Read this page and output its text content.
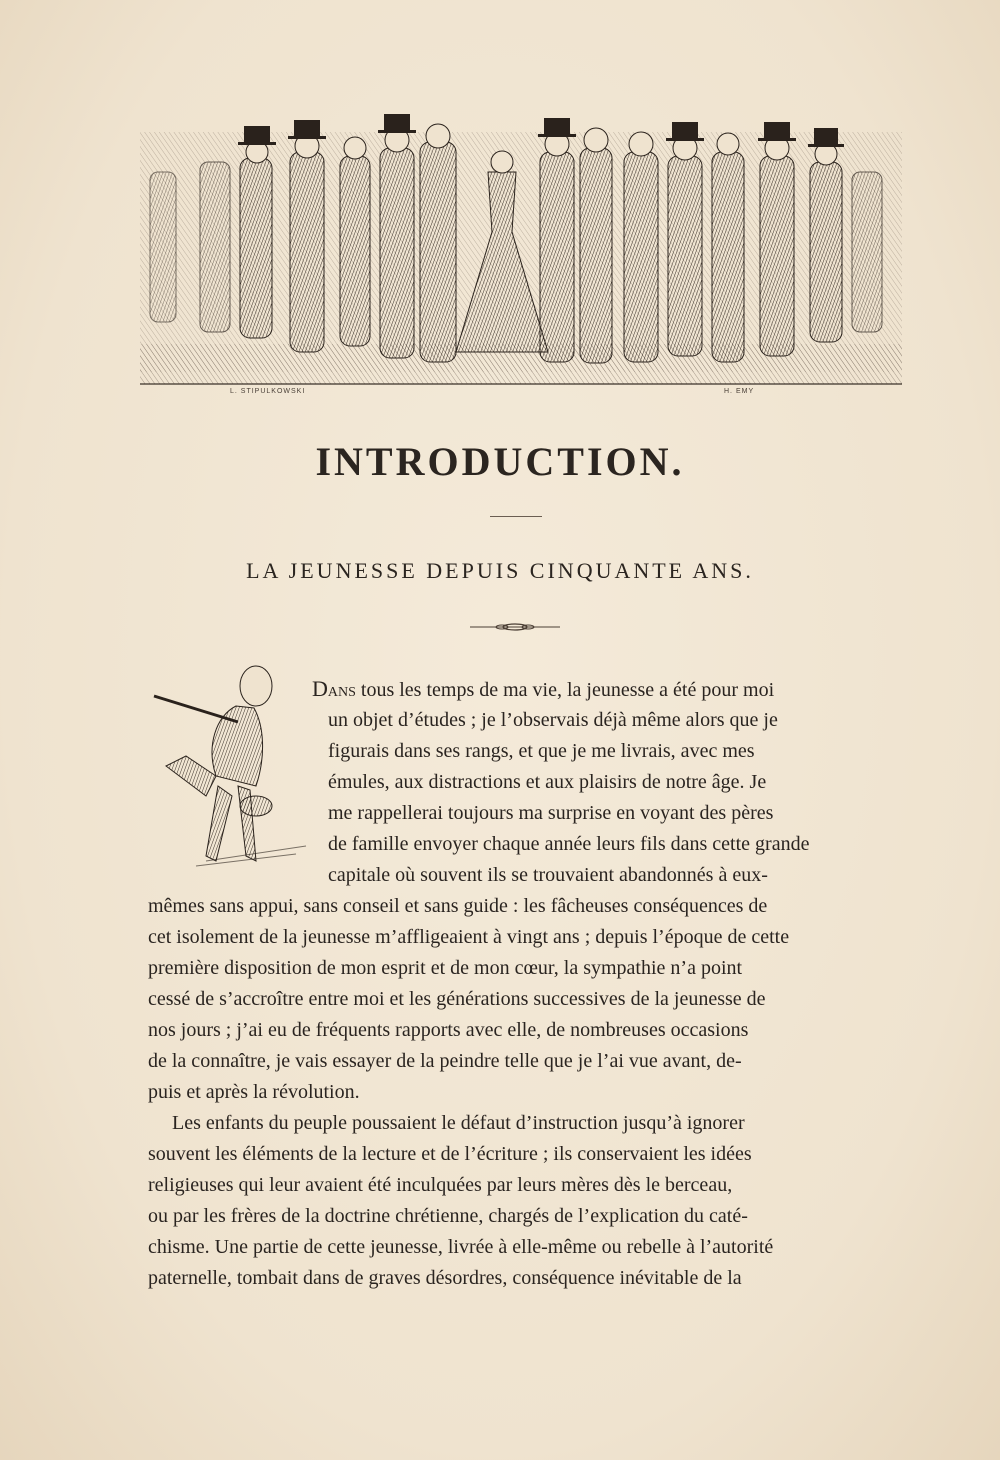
L. STIPULKOWSKI	H. EMY
INTRODUCTION.
LA JEUNESSE DEPUIS CINQUANTE ANS.
Dans tous les temps de ma vie, la jeunesse a été pour moi
un objet d’études ; je l’observais déjà même alors que je
figurais dans ses rangs, et que je me livrais, avec mes
émules, aux distractions et aux plaisirs de notre âge. Je
me rappellerai toujours ma surprise en voyant des pères
de famille envoyer chaque année leurs fils dans cette grande
capitale où souvent ils se trouvaient abandonnés à eux-
mêmes sans appui, sans conseil et sans guide : les fâcheuses conséquences de
cet isolement de la jeunesse m’affligeaient à vingt ans ; depuis l’époque de cette
première disposition de mon esprit et de mon cœur, la sympathie n’a point
cessé de s’accroître entre moi et les générations successives de la jeunesse de
nos jours ; j’ai eu de fréquents rapports avec elle, de nombreuses occasions
de la connaître, je vais essayer de la peindre telle que je l’ai vue avant, de-
puis et après la révolution.
Les enfants du peuple poussaient le défaut d’instruction jusqu’à ignorer
souvent les éléments de la lecture et de l’écriture ; ils conservaient les idées
religieuses qui leur avaient été inculquées par leurs mères dès le berceau,
ou par les frères de la doctrine chrétienne, chargés de l’explication du caté-
chisme. Une partie de cette jeunesse, livrée à elle-même ou rebelle à l’autorité
paternelle, tombait dans de graves désordres, conséquence inévitable de la
